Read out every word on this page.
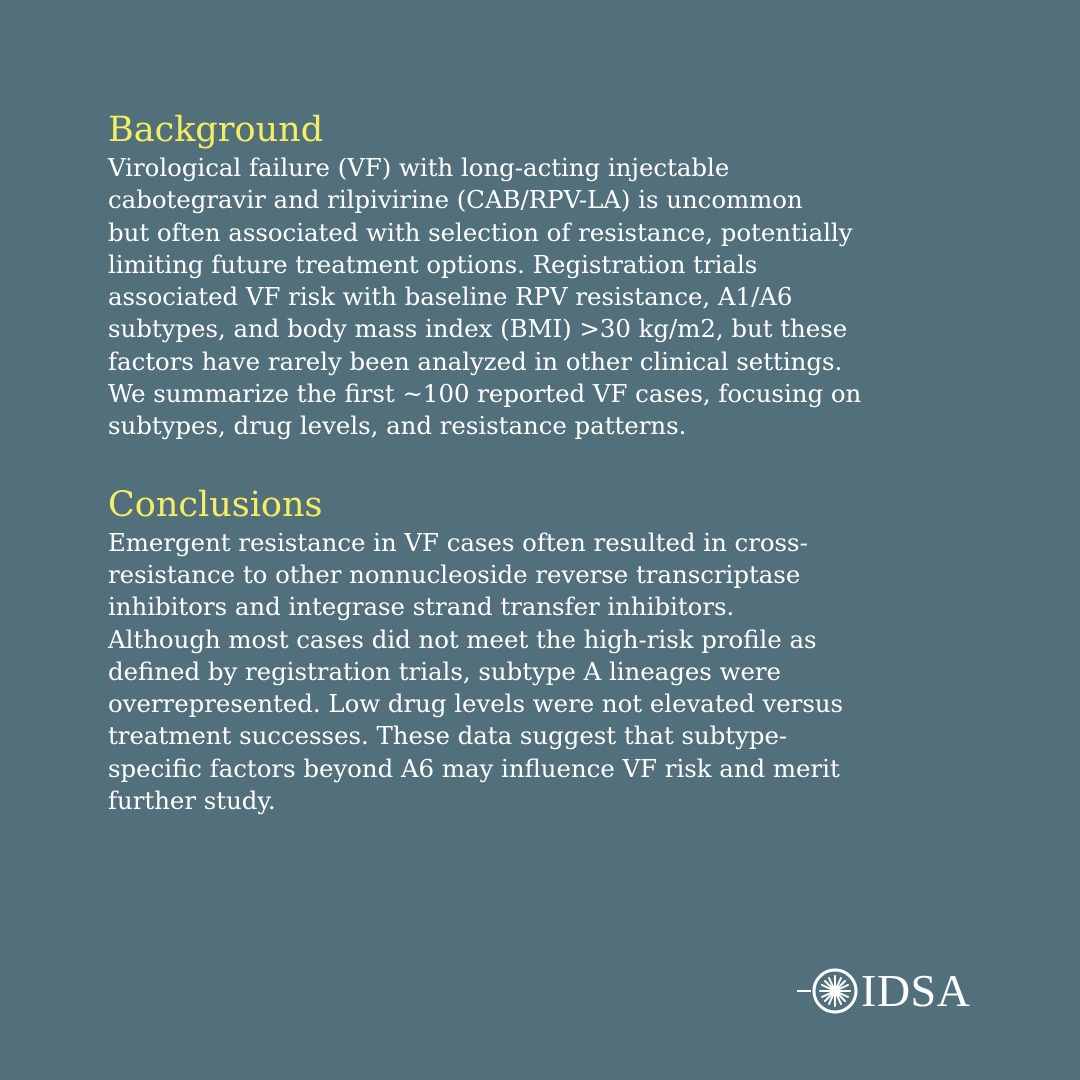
Background

Virological failure (VF) with long-acting injectable
cabotegravir and rilpivirine (CAB/RPV-LA) is uncommon
but often associated with selection of resistance, potentially
limiting future treatment options. Registration trials
associated VF risk with baseline RPV resistance, A1/A6
subtypes, and body mass index (BMI) >30 kg/m2, but these
factors have rarely been analyzed in other clinical settings.
We summarize the first ~100 reported VF cases, focusing on
subtypes, drug levels, and resistance patterns.

Conclusions

Emergent resistance in VF cases often resulted in cross-
resistance to other nonnucleoside reverse transcriptase
inhibitors and integrase strand transfer inhibitors.
Although most cases did not meet the high-risk profile as
defined by registration trials, subtype A lineages were
overrepresented. Low drug levels were not elevated versus
treatment successes. These data suggest that subtype-
specific factors beyond A6 may influence VF risk and merit
further study.

IDSA
